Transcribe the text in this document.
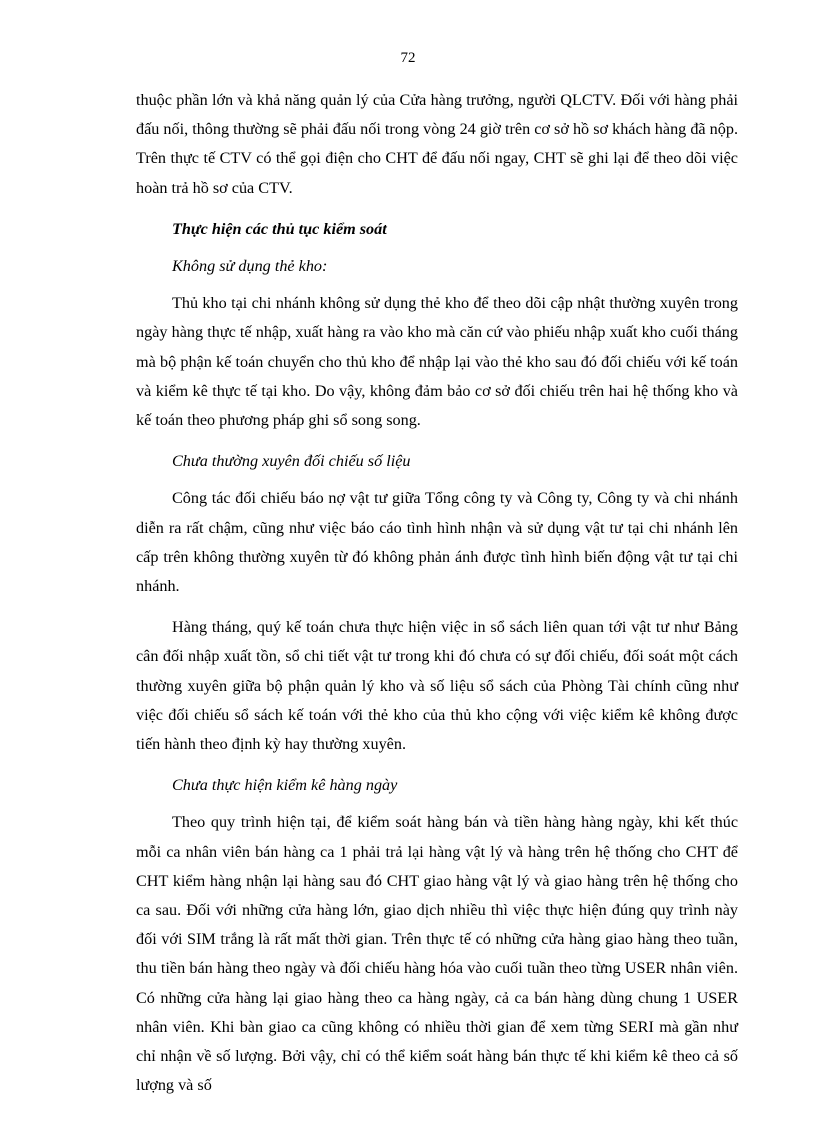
72

thuộc phần lớn và khả năng quản lý của Cửa hàng trưởng, người QLCTV. Đối với hàng phải đấu nối, thông thường sẽ phải đấu nối trong vòng 24 giờ trên cơ sở hồ sơ khách hàng đã nộp. Trên thực tế CTV có thể gọi điện cho CHT để đấu nối ngay, CHT sẽ ghi lại để theo dõi việc hoàn trả hồ sơ của CTV.

Thực hiện các thủ tục kiểm soát

Không sử dụng thẻ kho:

Thủ kho tại chi nhánh không sử dụng thẻ kho để theo dõi cập nhật thường xuyên trong ngày hàng thực tế nhập, xuất hàng ra vào kho mà căn cứ vào phiếu nhập xuất kho cuối tháng mà bộ phận kế toán chuyển cho thủ kho để nhập lại vào thẻ kho sau đó đối chiếu với kế toán và kiểm kê thực tế tại kho. Do vậy, không đảm bảo cơ sở đối chiếu trên hai hệ thống kho và kế toán theo phương pháp ghi sổ song song.

Chưa thường xuyên đối chiếu số liệu

Công tác đối chiếu báo nợ vật tư giữa Tổng công ty và Công ty, Công ty và chi nhánh diễn ra rất chậm, cũng như việc báo cáo tình hình nhận và sử dụng vật tư tại chi nhánh lên cấp trên không thường xuyên từ đó không phản ánh được tình hình biến động vật tư tại chi nhánh.

Hàng tháng, quý kế toán chưa thực hiện việc in sổ sách liên quan tới vật tư như Bảng cân đối nhập xuất tồn, sổ chi tiết vật tư trong khi đó chưa có sự đối chiếu, đối soát một cách thường xuyên giữa bộ phận quản lý kho và số liệu sổ sách của Phòng Tài chính cũng như việc đối chiếu sổ sách kế toán với thẻ kho của thủ kho cộng với việc kiểm kê không được tiến hành theo định kỳ hay thường xuyên.

Chưa thực hiện kiểm kê hàng ngày

Theo quy trình hiện tại, để kiểm soát hàng bán và tiền hàng hàng ngày, khi kết thúc mỗi ca nhân viên bán hàng ca 1 phải trả lại hàng vật lý và hàng trên hệ thống cho CHT để CHT kiểm hàng nhận lại hàng sau đó CHT giao hàng vật lý và giao hàng trên hệ thống cho ca sau. Đối với những cửa hàng lớn, giao dịch nhiều thì việc thực hiện đúng quy trình này đối với SIM trắng là rất mất thời gian. Trên thực tế có những cửa hàng giao hàng theo tuần, thu tiền bán hàng theo ngày và đối chiếu hàng hóa vào cuối tuần theo từng USER nhân viên. Có những cửa hàng lại giao hàng theo ca hàng ngày, cả ca bán hàng dùng chung 1 USER nhân viên. Khi bàn giao ca cũng không có nhiều thời gian để xem từng SERI mà gần như chỉ nhận về số lượng. Bởi vậy, chỉ có thể kiểm soát hàng bán thực tế khi kiểm kê theo cả số lượng và số
